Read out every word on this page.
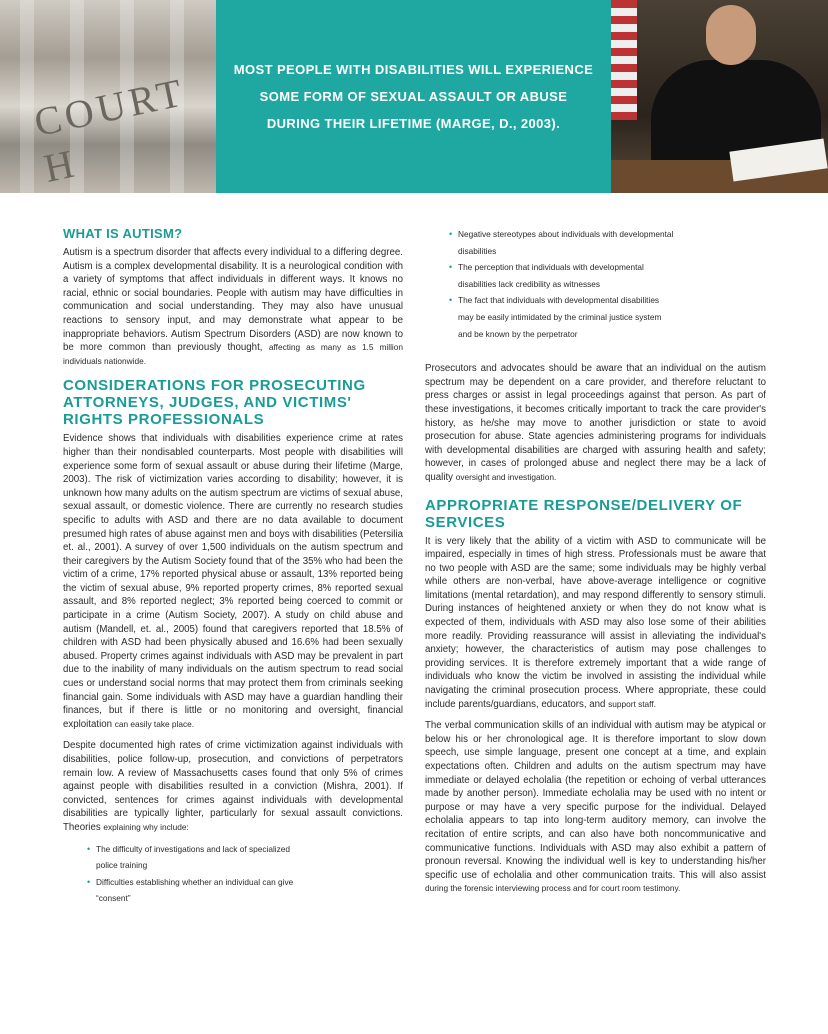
COURT H
MOST PEOPLE WITH DISABILITIES WILL EXPERIENCE SOME FORM OF SEXUAL ASSAULT OR ABUSE DURING THEIR LIFETIME (MARGE, D., 2003).
WHAT IS AUTISM?

Autism is a spectrum disorder that affects every individual to a differing degree. Autism is a complex developmental disability. It is a neurological condition with a variety of symptoms that affect individuals in different ways. It knows no racial, ethnic or social boundaries. People with autism may have difficulties in communication and social understanding. They may also have unusual reactions to sensory input, and may demonstrate what appear to be inappropriate behaviors. Autism Spectrum Disorders (ASD) are now known to be more common than previously thought, affecting as many as 1.5 million individuals nationwide.

CONSIDERATIONS FOR PROSECUTING ATTORNEYS, JUDGES, AND VICTIMS' RIGHTS PROFESSIONALS

Evidence shows that individuals with disabilities experience crime at rates higher than their nondisabled counterparts. Most people with disabilities will experience some form of sexual assault or abuse during their lifetime (Marge, 2003). The risk of victimization varies according to disability; however, it is unknown how many adults on the autism spectrum are victims of sexual abuse, sexual assault, or domestic violence. There are currently no research studies specific to adults with ASD and there are no data available to document presumed high rates of abuse against men and boys with disabilities (Petersilia et. al., 2001). A survey of over 1,500 individuals on the autism spectrum and their caregivers by the Autism Society found that of the 35% who had been the victim of a crime, 17% reported physical abuse or assault, 13% reported being the victim of sexual abuse, 9% reported property crimes, 8% reported sexual assault, and 8% reported neglect; 3% reported being coerced to commit or participate in a crime (Autism Society, 2007). A study on child abuse and autism (Mandell, et. al., 2005) found that caregivers reported that 18.5% of children with ASD had been physically abused and 16.6% had been sexually abused. Property crimes against individuals with ASD may be prevalent in part due to the inability of many individuals on the autism spectrum to read social cues or understand social norms that may protect them from criminals seeking financial gain. Some individuals with ASD may have a guardian handling their finances, but if there is little or no monitoring and oversight, financial exploitation can easily take place.

Despite documented high rates of crime victimization against individuals with disabilities, police follow-up, prosecution, and convictions of perpetrators remain low. A review of Massachusetts cases found that only 5% of crimes against people with disabilities resulted in a conviction (Mishra, 2001). If convicted, sentences for crimes against individuals with developmental disabilities are typically lighter, particularly for sexual assault convictions. Theories explaining why include:

• The difficulty of investigations and lack of specialized
police training
• Difficulties establishing whether an individual can give
“consent”
• Negative stereotypes about individuals with developmental
disabilities
• The perception that individuals with developmental
disabilities lack credibility as witnesses
• The fact that individuals with developmental disabilities
may be easily intimidated by the criminal justice system
and be known by the perpetrator

Prosecutors and advocates should be aware that an individual on the autism spectrum may be dependent on a care provider, and therefore reluctant to press charges or assist in legal proceedings against that person. As part of these investigations, it becomes critically important to track the care provider's history, as he/she may move to another jurisdiction or state to avoid prosecution for abuse. State agencies administering programs for individuals with developmental disabilities are charged with assuring health and safety; however, in cases of prolonged abuse and neglect there may be a lack of quality oversight and investigation.

APPROPRIATE RESPONSE/DELIVERY OF SERVICES

It is very likely that the ability of a victim with ASD to communicate will be impaired, especially in times of high stress. Professionals must be aware that no two people with ASD are the same; some individuals may be highly verbal while others are non-verbal, have above-average intelligence or cognitive limitations (mental retardation), and may respond differently to sensory stimuli. During instances of heightened anxiety or when they do not know what is expected of them, individuals with ASD may also lose some of their abilities more readily. Providing reassurance will assist in alleviating the individual's anxiety; however, the characteristics of autism may pose challenges to providing services. It is therefore extremely important that a wide range of individuals who know the victim be involved in assisting the individual while navigating the criminal prosecution process. Where appropriate, these could include parents/guardians, educators, and support staff.

The verbal communication skills of an individual with autism may be atypical or below his or her chronological age. It is therefore important to slow down speech, use simple language, present one concept at a time, and explain expectations often. Children and adults on the autism spectrum may have immediate or delayed echolalia (the repetition or echoing of verbal utterances made by another person). Immediate echolalia may be used with no intent or purpose or may have a very specific purpose for the individual. Delayed echolalia appears to tap into long-term auditory memory, can involve the recitation of entire scripts, and can also have both noncommunicative and communicative functions. Individuals with ASD may also exhibit a pattern of pronoun reversal. Knowing the individual well is key to understanding his/her specific use of echolalia and other communication traits. This will also assist during the forensic interviewing process and for court room testimony.
